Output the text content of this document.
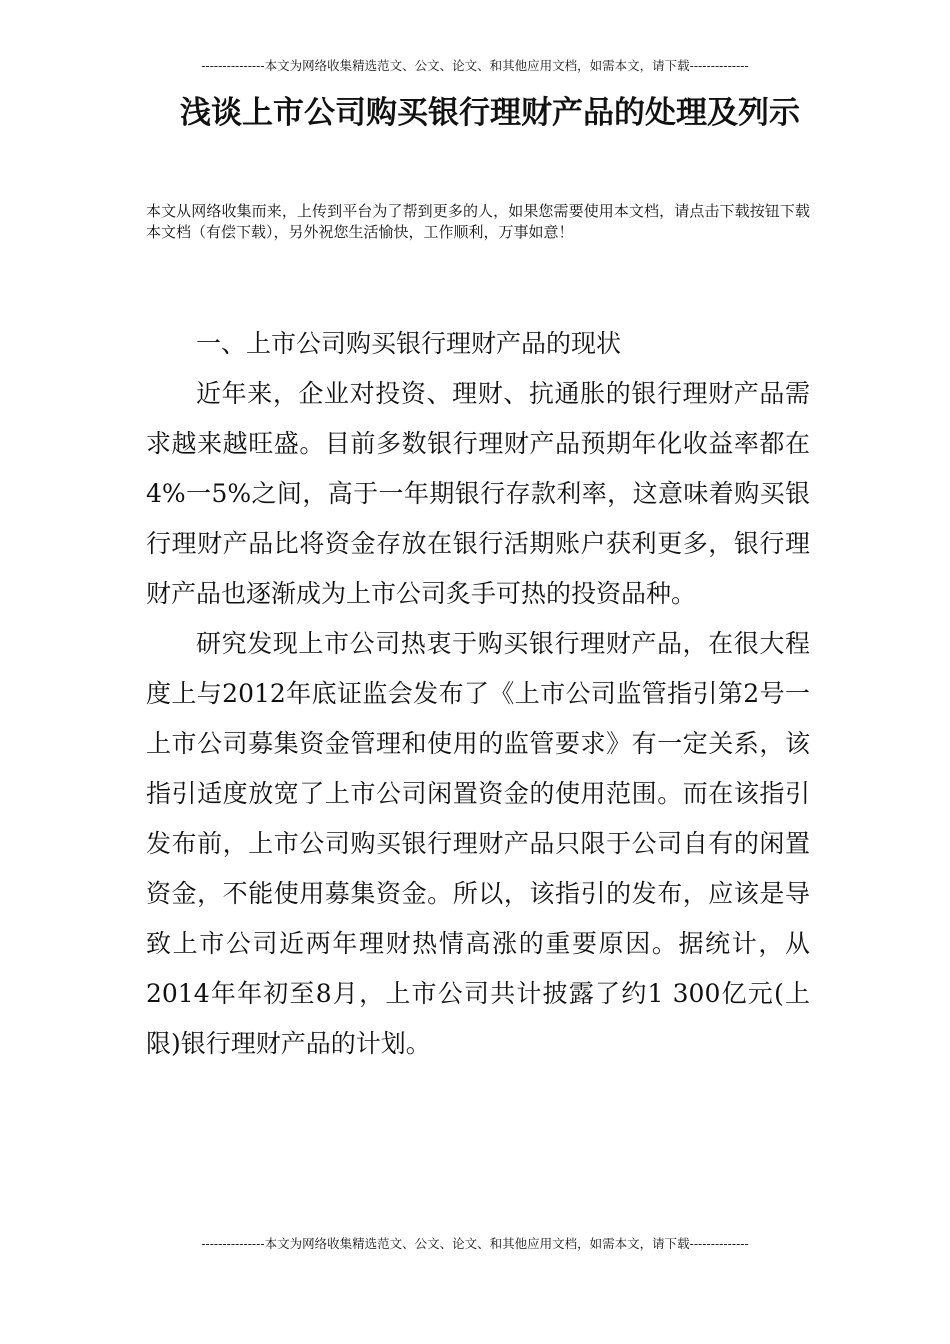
---------------本文为网络收集精选范文、公文、论文、和其他应用文档，如需本文，请下载--------------
浅谈上市公司购买银行理财产品的处理及列示

本文从网络收集而来，上传到平台为了帮到更多的人，如果您需要使用本文档，请点击下载按钮下载本文档（有偿下载），另外祝您生活愉快，工作顺利，万事如意！

一、上市公司购买银行理财产品的现状

近年来，企业对投资、理财、抗通胀的银行理财产品需求越来越旺盛。目前多数银行理财产品预期年化收益率都在4%一5%之间，高于一年期银行存款利率，这意味着购买银行理财产品比将资金存放在银行活期账户获利更多，银行理财产品也逐渐成为上市公司炙手可热的投资品种。

研究发现上市公司热衷于购买银行理财产品，在很大程度上与2012年底证监会发布了《上市公司监管指引第2号一上市公司募集资金管理和使用的监管要求》有一定关系，该指引适度放宽了上市公司闲置资金的使用范围。而在该指引发布前，上市公司购买银行理财产品只限于公司自有的闲置资金，不能使用募集资金。所以，该指引的发布，应该是导致上市公司近两年理财热情高涨的重要原因。据统计，从 2014年年初至8月，上市公司共计披露了约1 300亿元(上限)银行理财产品的计划。

---------------本文为网络收集精选范文、公文、论文、和其他应用文档，如需本文，请下载--------------
